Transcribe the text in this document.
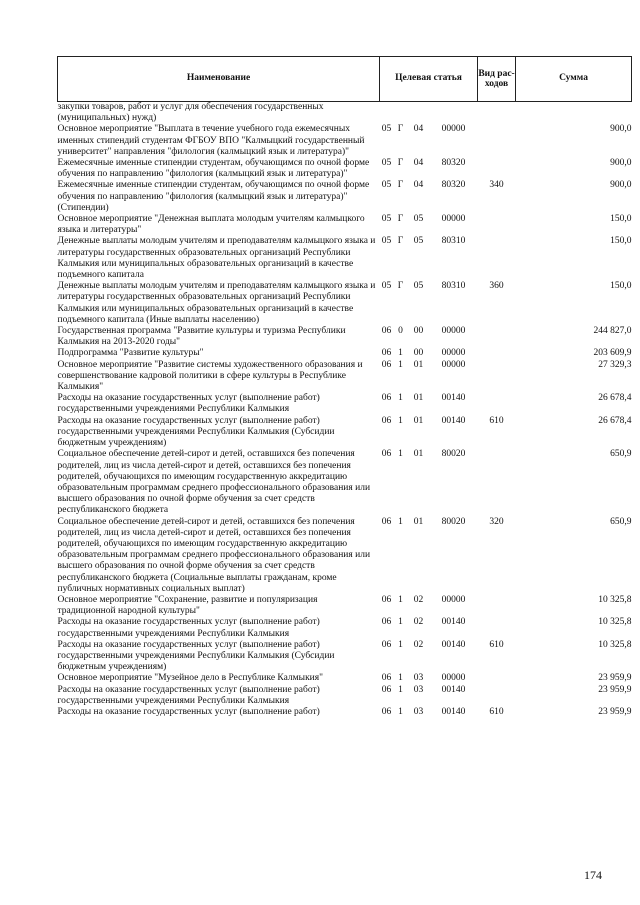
Наименование	Целевая статья				Вид рас-ходов	Сумма
закупки товаров, работ и услуг для обеспечения государственных (муниципальных) нужд)						
Основное мероприятие "Выплата в течение учебного года ежемесячных именных стипендий студентам ФГБОУ ВПО "Калмыцкий государственный университет" направления "филология (калмыцкий язык и литература)"	05	Г	04	00000		900,0
Ежемесячные именные стипендии студентам, обучающимся по очной форме обучения по направлению "филология (калмыцкий язык и литература)"	05	Г	04	80320		900,0
Ежемесячные именные стипендии студентам, обучающимся по очной форме обучения по направлению "филология (калмыцкий язык и литература)" (Стипендии)	05	Г	04	80320	340	900,0
Основное мероприятие "Денежная выплата молодым учителям калмыцкого языка и литературы"	05	Г	05	00000		150,0
Денежные выплаты молодым учителям и преподавателям калмыцкого языка и литературы государственных образовательных организаций Республики Калмыкия или муниципальных образовательных организаций в качестве подъемного капитала	05	Г	05	80310		150,0
Денежные выплаты молодым учителям и преподавателям калмыцкого языка и литературы государственных образовательных организаций Республики Калмыкия или муниципальных образовательных организаций в качестве подъемного капитала (Иные выплаты населению)	05	Г	05	80310	360	150,0
Государственная программа "Развитие культуры и туризма Республики Калмыкия на 2013-2020 годы"	06	0	00	00000		244 827,0
Подпрограмма "Развитие культуры"	06	1	00	00000		203 609,9
Основное мероприятие "Развитие системы художественного образования и совершенствование кадровой политики в сфере культуры в Республике Калмыкия"	06	1	01	00000		27 329,3
Расходы на оказание государственных услуг (выполнение работ) государственными учреждениями Республики Калмыкия	06	1	01	00140		26 678,4
Расходы на оказание государственных услуг (выполнение работ) государственными учреждениями Республики Калмыкия (Субсидии бюджетным учреждениям)	06	1	01	00140	610	26 678,4
Социальное обеспечение детей-сирот и детей, оставшихся без попечения родителей, лиц из числа детей-сирот и детей, оставшихся без попечения родителей, обучающихся по имеющим государственную аккредитацию образовательным программам среднего профессионального образования или высшего образования по очной форме обучения за счет средств республиканского бюджета	06	1	01	80020		650,9
Социальное обеспечение детей-сирот и детей, оставшихся без попечения родителей, лиц из числа детей-сирот и детей, оставшихся без попечения родителей, обучающихся по имеющим государственную аккредитацию образовательным программам среднего профессионального образования или высшего образования по очной форме обучения за счет средств республиканского бюджета (Социальные выплаты гражданам, кроме публичных нормативных социальных выплат)	06	1	01	80020	320	650,9
Основное мероприятие "Сохранение, развитие и популяризация традиционной народной культуры"	06	1	02	00000		10 325,8
Расходы на оказание государственных услуг (выполнение работ) государственными учреждениями Республики Калмыкия	06	1	02	00140		10 325,8
Расходы на оказание государственных услуг (выполнение работ) государственными учреждениями Республики Калмыкия (Субсидии бюджетным учреждениям)	06	1	02	00140	610	10 325,8
Основное мероприятие "Музейное дело в Республике Калмыкия"	06	1	03	00000		23 959,9
Расходы на оказание государственных услуг (выполнение работ) государственными учреждениями Республики Калмыкия	06	1	03	00140		23 959,9
Расходы на оказание государственных услуг (выполнение работ)	06	1	03	00140	610	23 959,9
174
